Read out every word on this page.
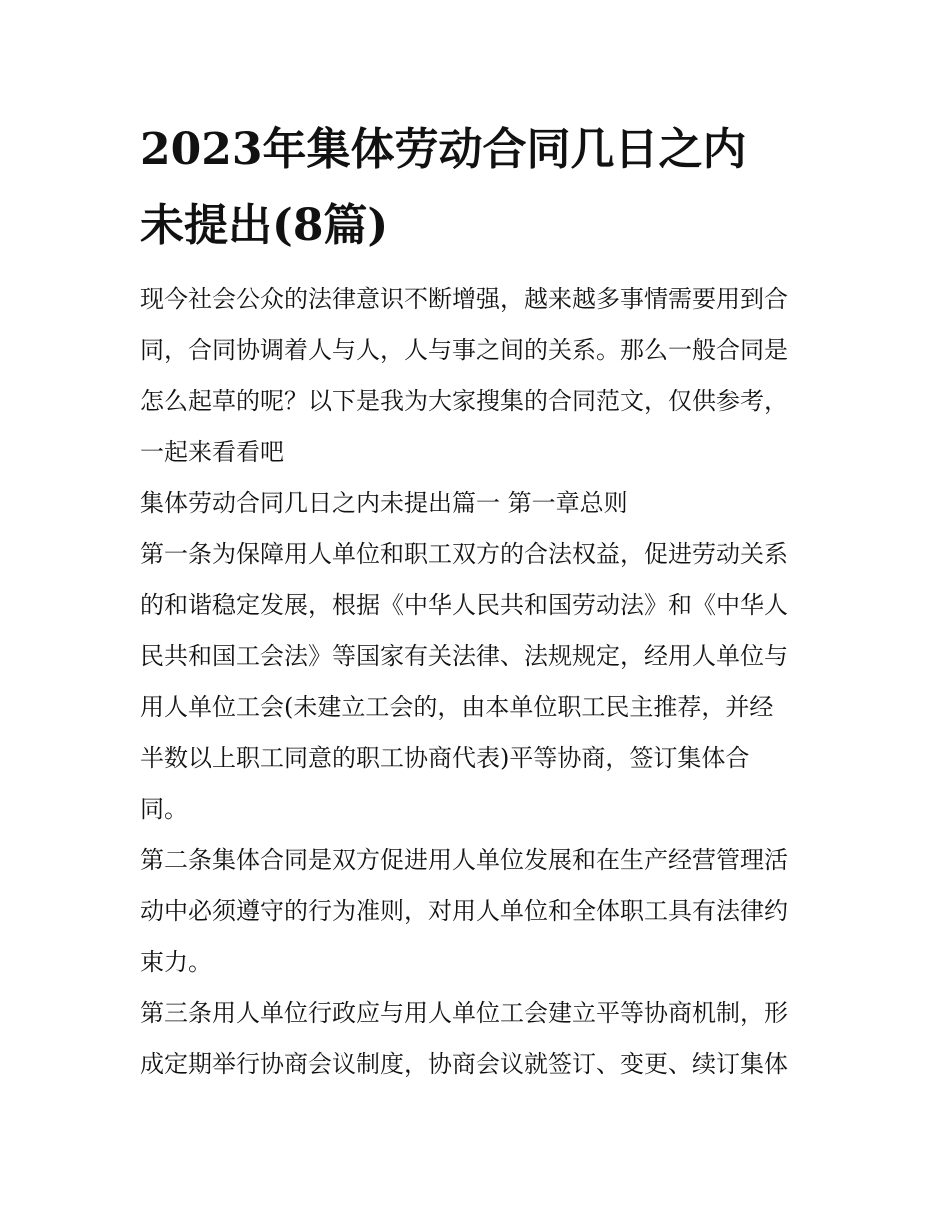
2023年集体劳动合同几日之内
未提出(8篇)

现今社会公众的法律意识不断增强，越来越多事情需要用到合

同，合同协调着人与人，人与事之间的关系。那么一般合同是

怎么起草的呢？以下是我为大家搜集的合同范文，仅供参考，

一起来看看吧

集体劳动合同几日之内未提出篇一 第一章总则

第一条为保障用人单位和职工双方的合法权益，促进劳动关系

的和谐稳定发展，根据《中华人民共和国劳动法》和《中华人

民共和国工会法》等国家有关法律、法规规定，经用人单位与

用人单位工会(未建立工会的，由本单位职工民主推荐，并经

半数以上职工同意的职工协商代表)平等协商，签订集体合

同。

第二条集体合同是双方促进用人单位发展和在生产经营管理活

动中必须遵守的行为准则，对用人单位和全体职工具有法律约

束力。

第三条用人单位行政应与用人单位工会建立平等协商机制，形

成定期举行协商会议制度，协商会议就签订、变更、续订集体
